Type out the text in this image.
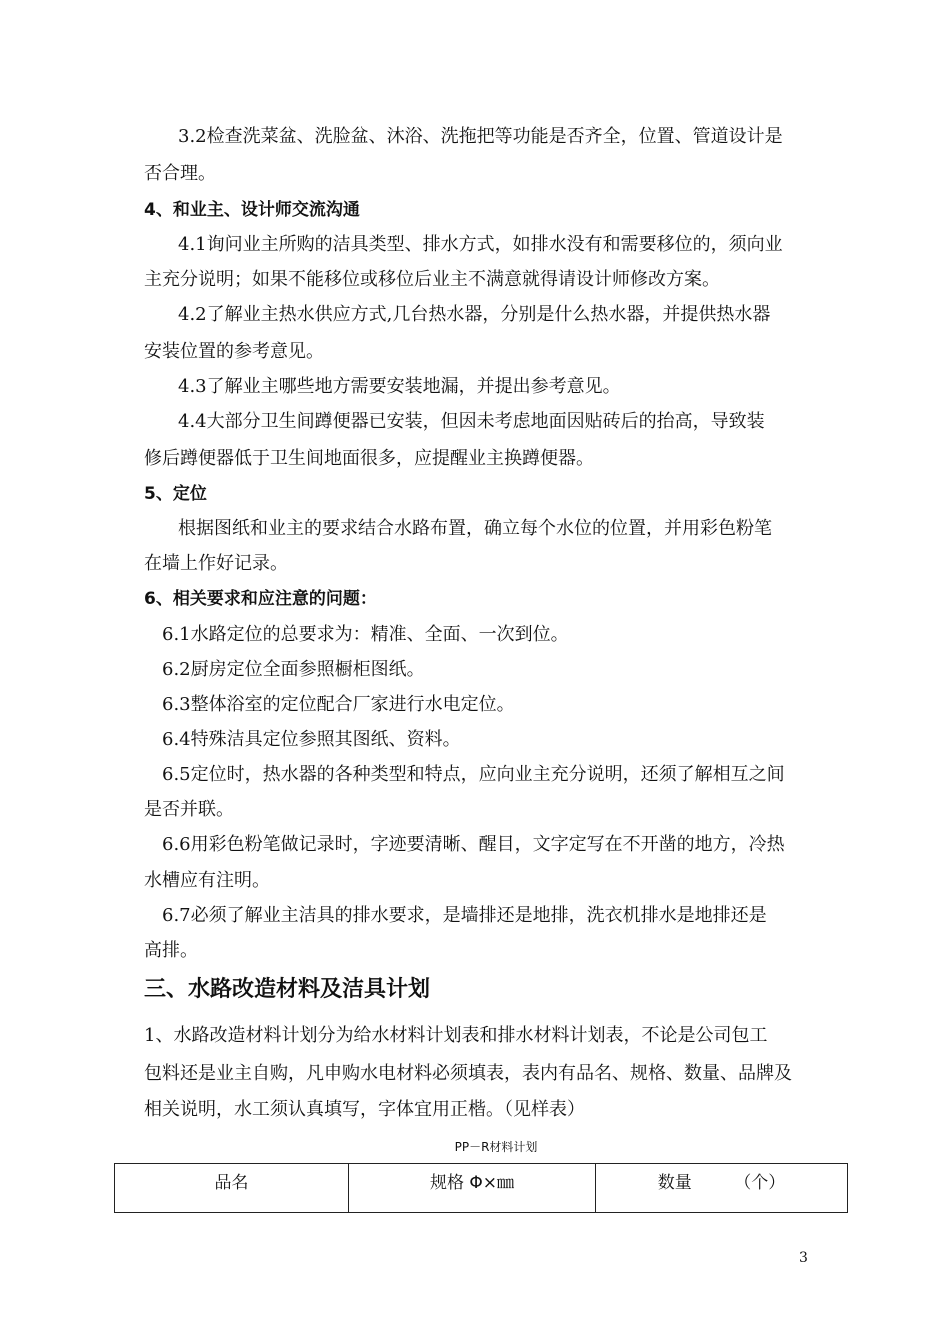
3.2检查洗菜盆、洗脸盆、沐浴、洗拖把等功能是否齐全，位置、管道设计是
否合理。
4、和业主、设计师交流沟通
4.1询问业主所购的洁具类型、排水方式，如排水没有和需要移位的，须向业
主充分说明；如果不能移位或移位后业主不满意就得请设计师修改方案。
4.2了解业主热水供应方式,几台热水器，分别是什么热水器，并提供热水器
安装位置的参考意见。
4.3了解业主哪些地方需要安装地漏，并提出参考意见。
4.4大部分卫生间蹲便器已安装，但因未考虑地面因贴砖后的抬高，导致装
修后蹲便器低于卫生间地面很多，应提醒业主换蹲便器。
5、定位
根据图纸和业主的要求结合水路布置，确立每个水位的位置，并用彩色粉笔
在墙上作好记录。
6、相关要求和应注意的问题：
6.1水路定位的总要求为：精准、全面、一次到位。
6.2厨房定位全面参照橱柜图纸。
6.3整体浴室的定位配合厂家进行水电定位。
6.4特殊洁具定位参照其图纸、资料。
6.5定位时，热水器的各种类型和特点，应向业主充分说明，还须了解相互之间
是否并联。
6.6用彩色粉笔做记录时，字迹要清晰、醒目，文字定写在不开凿的地方，冷热
水槽应有注明。
6.7必须了解业主洁具的排水要求，是墙排还是地排，洗衣机排水是地排还是
高排。
三、水路改造材料及洁具计划
1、水路改造材料计划分为给水材料计划表和排水材料计划表，不论是公司包工
包料还是业主自购，凡申购水电材料必须填表，表内有品名、规格、数量、品牌及
相关说明，水工须认真填写，字体宜用正楷。（见样表）
PP－R材料计划
品名	规格 Φ×㎜	数量　　　（个）
3
